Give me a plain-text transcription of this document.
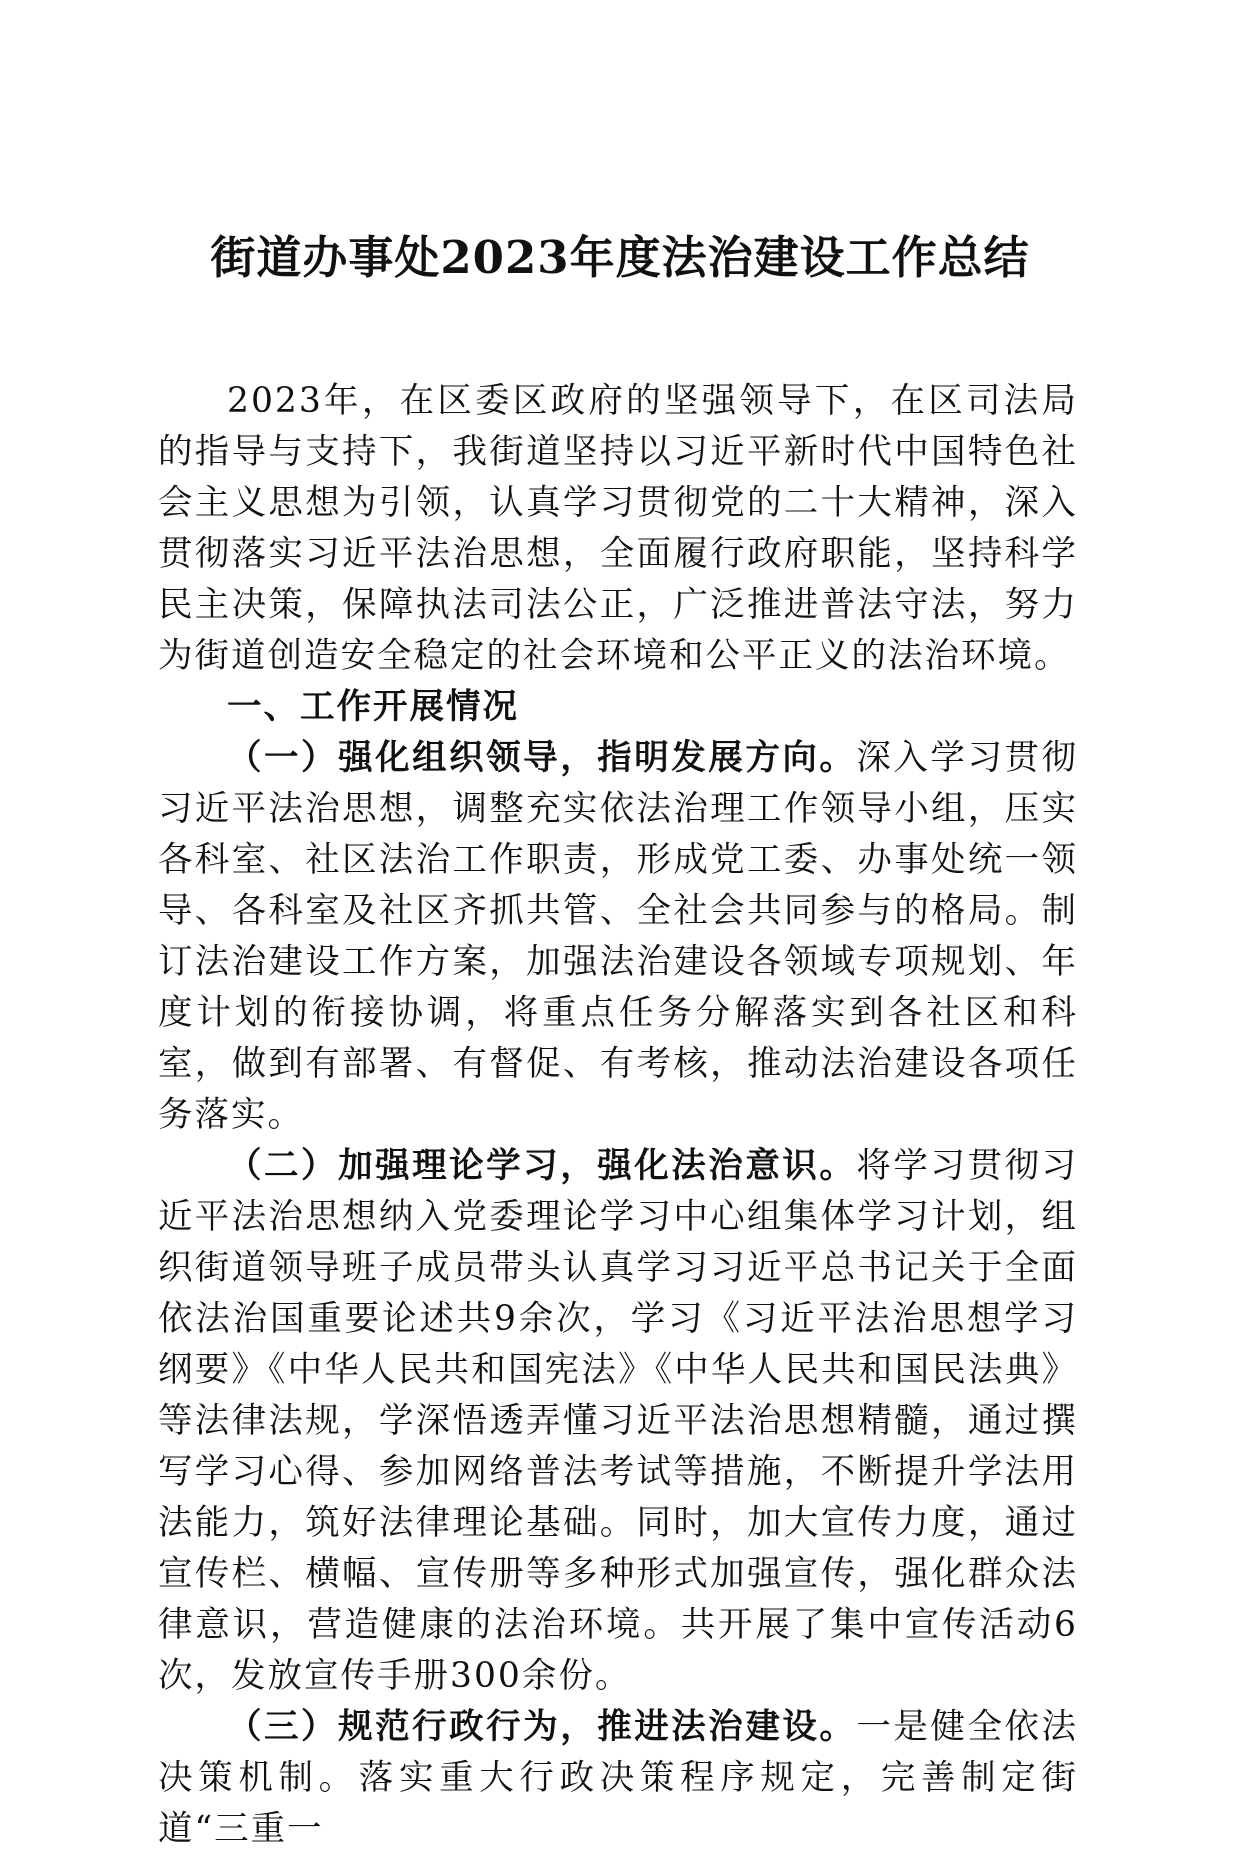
街道办事处2023年度法治建设工作总结

2023年，在区委区政府的坚强领导下，在区司法局的指导与支持下，我街道坚持以习近平新时代中国特色社会主义思想为引领，认真学习贯彻党的二十大精神，深入贯彻落实习近平法治思想，全面履行政府职能，坚持科学民主决策，保障执法司法公正，广泛推进普法守法，努力为街道创造安全稳定的社会环境和公平正义的法治环境。

一、工作开展情况

（一）强化组织领导，指明发展方向。深入学习贯彻习近平法治思想，调整充实依法治理工作领导小组，压实各科室、社区法治工作职责，形成党工委、办事处统一领导、各科室及社区齐抓共管、全社会共同参与的格局。制订法治建设工作方案，加强法治建设各领域专项规划、年度计划的衔接协调，将重点任务分解落实到各社区和科室，做到有部署、有督促、有考核，推动法治建设各项任务落实。

（二）加强理论学习，强化法治意识。将学习贯彻习近平法治思想纳入党委理论学习中心组集体学习计划，组织街道领导班子成员带头认真学习习近平总书记关于全面依法治国重要论述共9余次，学习《习近平法治思想学习纲要》《中华人民共和国宪法》《中华人民共和国民法典》等法律法规，学深悟透弄懂习近平法治思想精髓，通过撰写学习心得、参加网络普法考试等措施，不断提升学法用法能力，筑好法律理论基础。同时，加大宣传力度，通过宣传栏、横幅、宣传册等多种形式加强宣传，强化群众法律意识，营造健康的法治环境。共开展了集中宣传活动6次，发放宣传手册300余份。

（三）规范行政行为，推进法治建设。一是健全依法决策机制。落实重大行政决策程序规定，完善制定街道“三重一
